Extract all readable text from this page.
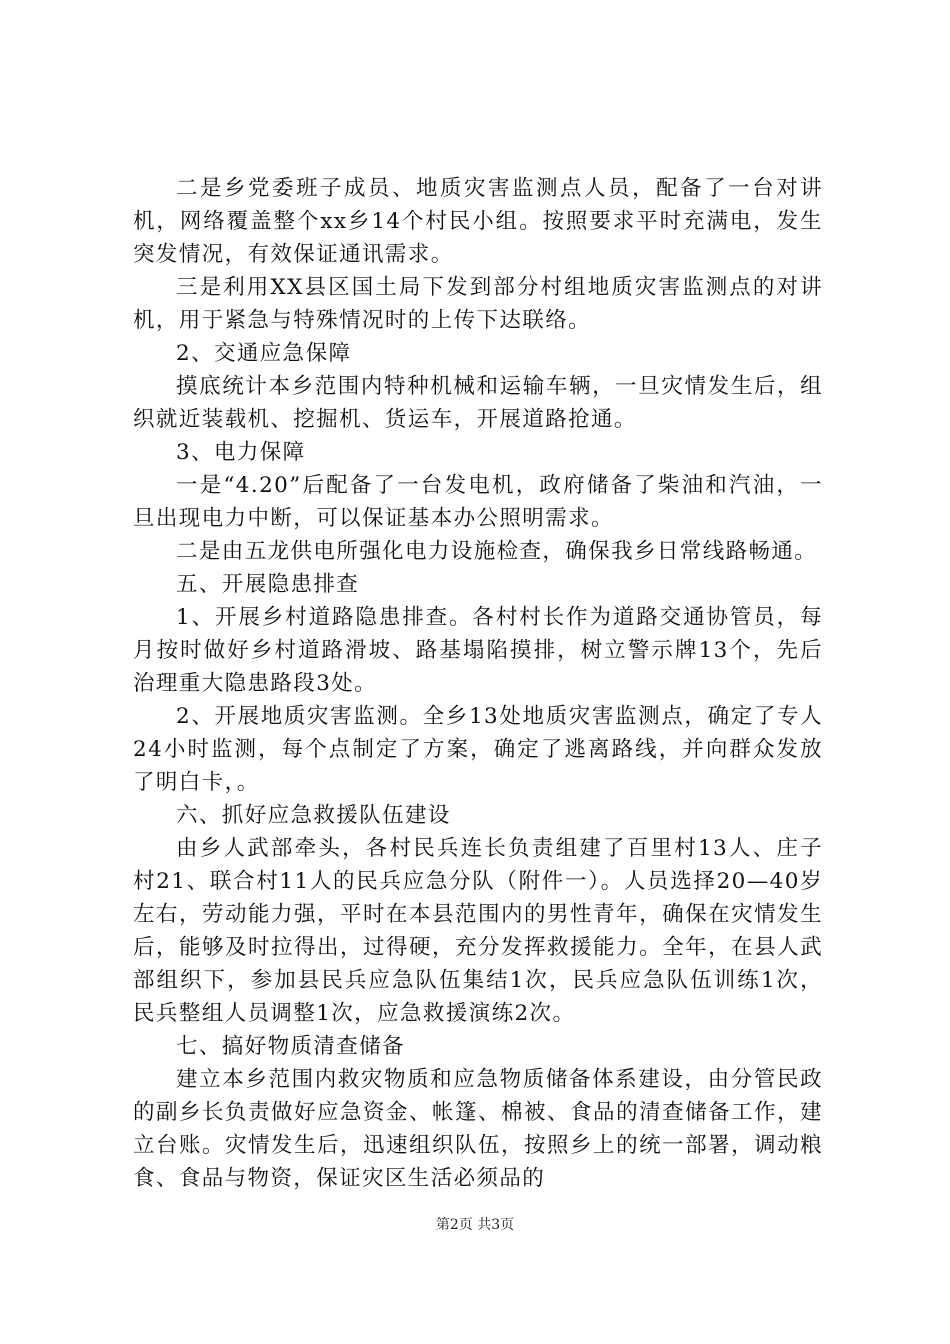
二是乡党委班子成员、地质灾害监测点人员，配备了一台对讲机，网络覆盖整个xx乡14个村民小组。按照要求平时充满电，发生突发情况，有效保证通讯需求。

三是利用XX县区国土局下发到部分村组地质灾害监测点的对讲机，用于紧急与特殊情况时的上传下达联络。

2、交通应急保障

摸底统计本乡范围内特种机械和运输车辆，一旦灾情发生后，组织就近装载机、挖掘机、货运车，开展道路抢通。

3、电力保障

一是“4.20”后配备了一台发电机，政府储备了柴油和汽油，一旦出现电力中断，可以保证基本办公照明需求。

二是由五龙供电所强化电力设施检查，确保我乡日常线路畅通。

五、开展隐患排查

1、开展乡村道路隐患排查。各村村长作为道路交通协管员，每月按时做好乡村道路滑坡、路基塌陷摸排，树立警示牌13个，先后治理重大隐患路段3处。

2、开展地质灾害监测。全乡13处地质灾害监测点，确定了专人24小时监测，每个点制定了方案，确定了逃离路线，并向群众发放了明白卡，。

六、抓好应急救援队伍建设

由乡人武部牵头，各村民兵连长负责组建了百里村13人、庄子村21、联合村11人的民兵应急分队（附件一）。人员选择20—40岁左右，劳动能力强，平时在本县范围内的男性青年，确保在灾情发生后，能够及时拉得出，过得硬，充分发挥救援能力。全年，在县人武部组织下，参加县民兵应急队伍集结1次，民兵应急队伍训练1次，民兵整组人员调整1次，应急救援演练2次。

七、搞好物质清查储备

建立本乡范围内救灾物质和应急物质储备体系建设，由分管民政的副乡长负责做好应急资金、帐篷、棉被、食品的清查储备工作，建立台账。灾情发生后，迅速组织队伍，按照乡上的统一部署，调动粮食、食品与物资，保证灾区生活必须品的

第2页 共3页
